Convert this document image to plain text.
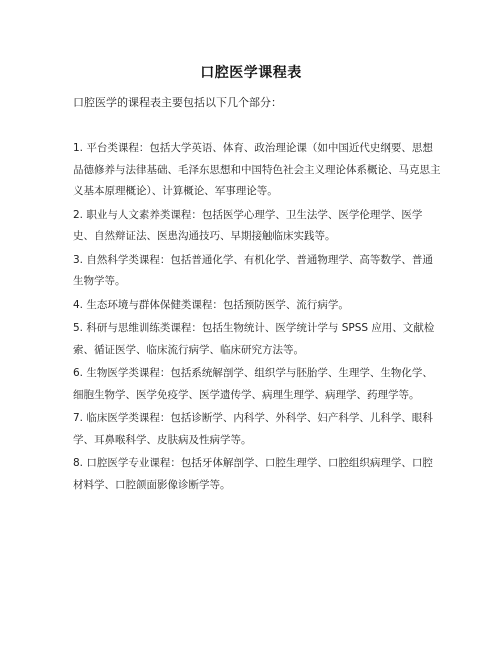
口腔医学课程表
口腔医学的课程表主要包括以下几个部分：
1. 平台类课程：包括大学英语、体育、政治理论课（如中国近代史纲要、思想品德修养与法律基础、毛泽东思想和中国特色社会主义理论体系概论、马克思主义基本原理概论）、计算概论、军事理论等。
2. 职业与人文素养类课程：包括医学心理学、卫生法学、医学伦理学、医学史、自然辩证法、医患沟通技巧、早期接触临床实践等。
3. 自然科学类课程：包括普通化学、有机化学、普通物理学、高等数学、普通生物学等。
4. 生态环境与群体保健类课程：包括预防医学、流行病学。
5. 科研与思维训练类课程：包括生物统计、医学统计学与 SPSS 应用、文献检索、循证医学、临床流行病学、临床研究方法等。
6. 生物医学类课程：包括系统解剖学、组织学与胚胎学、生理学、生物化学、细胞生物学、医学免疫学、医学遗传学、病理生理学、病理学、药理学等。
7. 临床医学类课程：包括诊断学、内科学、外科学、妇产科学、儿科学、眼科学、耳鼻喉科学、皮肤病及性病学等。
8. 口腔医学专业课程：包括牙体解剖学、口腔生理学、口腔组织病理学、口腔材料学、口腔颌面影像诊断学等。
